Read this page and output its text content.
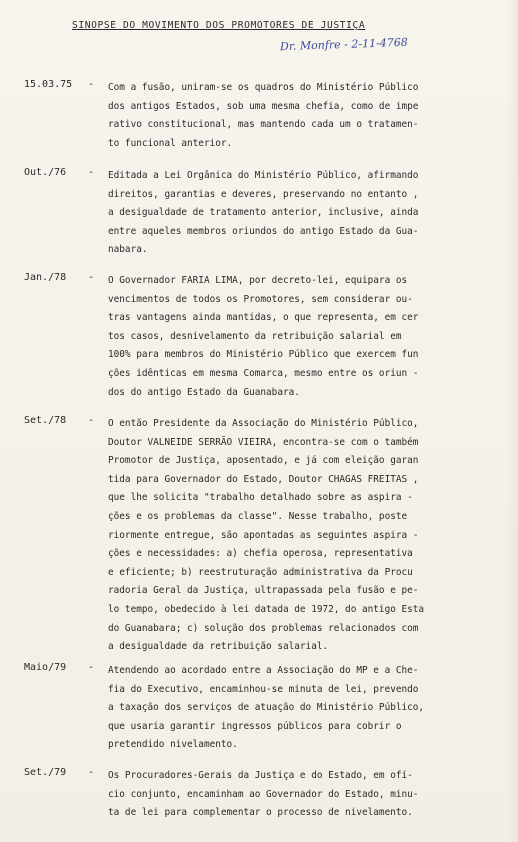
SINOPSE DO MOVIMENTO DOS PROMOTORES DE JUSTIÇA
Dr. Monfre - 2-11-4768
15.03.75 - Com a fusão, uniram-se os quadros do Ministério Público
dos antigos Estados, sob uma mesma chefia, como de impe
rativo constitucional, mas mantendo cada um o tratamen-
to funcional anterior.
Out./76 - Editada a Lei Orgânica do Ministério Público, afirmando
direitos, garantias e deveres, preservando no entanto ,
a desigualdade de tratamento anterior, inclusive, ainda
entre aqueles membros oriundos do antigo Estado da Gua-
nabara.
Jan./78 - O Governador FARIA LIMA, por decreto-lei, equipara os
vencimentos de todos os Promotores, sem considerar ou-
tras vantagens ainda mantidas, o que representa, em cer
tos casos, desnivelamento da retribuição salarial em
100% para membros do Ministério Público que exercem fun
ções idênticas em mesma Comarca, mesmo entre os oriun -
dos do antigo Estado da Guanabara.
Set./78 - O então Presidente da Associação do Ministério Público,
Doutor VALNEIDE SERRÃO VIEIRA, encontra-se com o também
Promotor de Justiça, aposentado, e já com eleição garan
tida para Governador do Estado, Doutor CHAGAS FREITAS ,
que lhe solicita "trabalho detalhado sobre as aspira -
ções e os problemas da classe". Nesse trabalho, poste
riormente entregue, são apontadas as seguintes aspira -
ções e necessidades: a) chefia operosa, representativa
e eficiente; b) reestruturação administrativa da Procu
radoria Geral da Justiça, ultrapassada pela fusão e pe-
lo tempo, obedecido à lei datada de 1972, do antigo Esta
do Guanabara; c) solução dos problemas relacionados com
a desigualdade da retribuição salarial.
Maio/79 - Atendendo ao acordado entre a Associação do MP e a Che-
fia do Executivo, encaminhou-se minuta de lei, prevendo
a taxação dos serviços de atuação do Ministério Público,
que usaria garantir ingressos públicos para cobrir o
pretendido nivelamento.
Set./79 - Os Procuradores-Gerais da Justiça e do Estado, em ofí-
cio conjunto, encaminham ao Governador do Estado, minu-
ta de lei para complementar o processo de nivelamento.
